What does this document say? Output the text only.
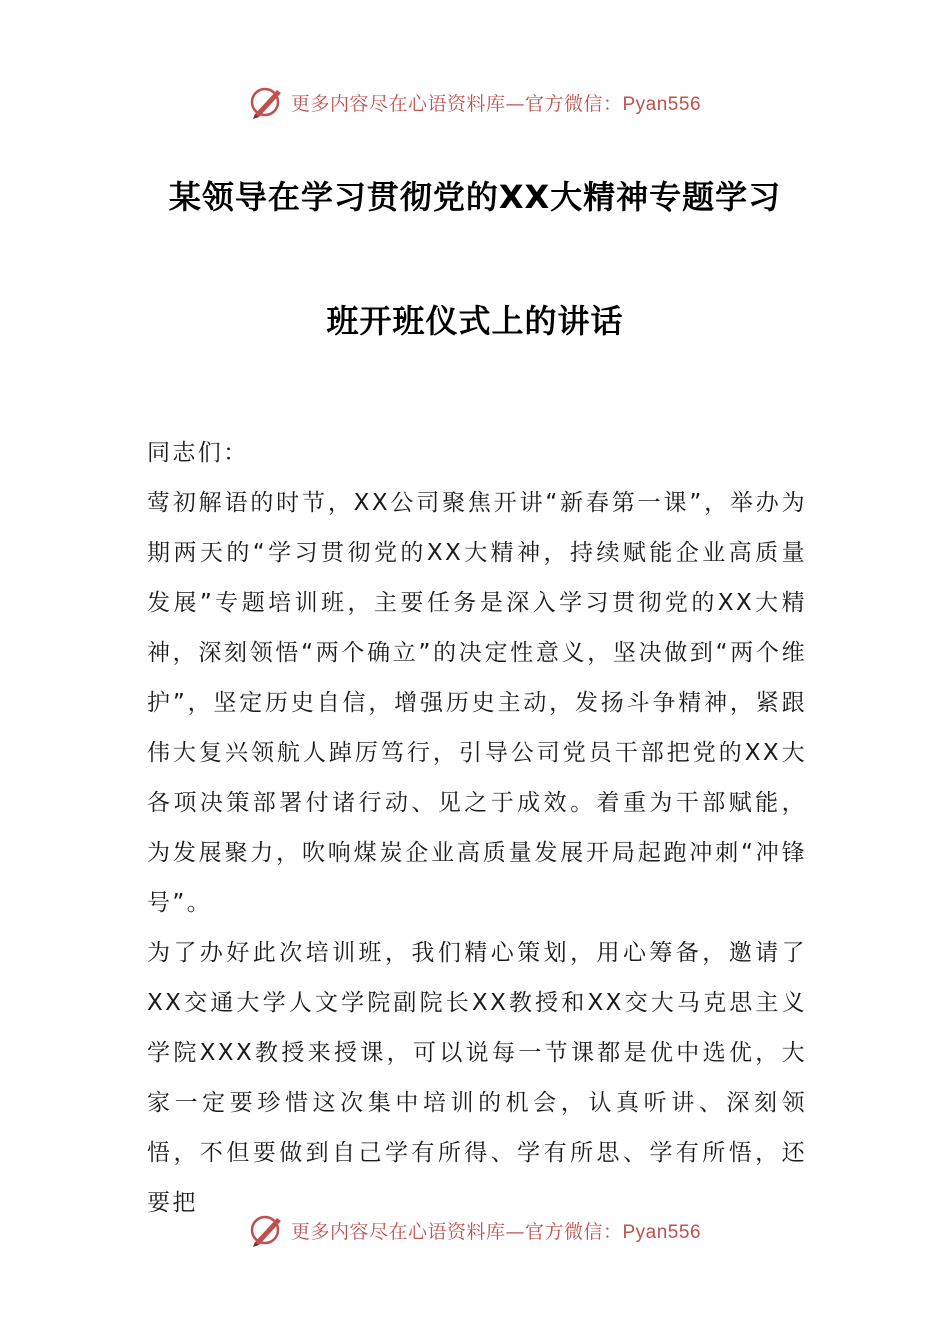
更多内容尽在心语资料库—官方微信：Pyan556
某领导在学习贯彻党的XX大精神专题学习
班开班仪式上的讲话

同志们：

莺初解语的时节，XX公司聚焦开讲“新春第一课”，举办为期两天的“学习贯彻党的XX大精神，持续赋能企业高质量发展”专题培训班，主要任务是深入学习贯彻党的XX大精神，深刻领悟“两个确立”的决定性意义，坚决做到“两个维护”，坚定历史自信，增强历史主动，发扬斗争精神，紧跟伟大复兴领航人踔厉笃行，引导公司党员干部把党的XX大各项决策部署付诸行动、见之于成效。着重为干部赋能，为发展聚力，吹响煤炭企业高质量发展开局起跑冲刺“冲锋号”。

为了办好此次培训班，我们精心策划，用心筹备，邀请了XX交通大学人文学院副院长XX教授和XX交大马克思主义学院XXX教授来授课，可以说每一节课都是优中选优，大家一定要珍惜这次集中培训的机会，认真听讲、深刻领悟，不但要做到自己学有所得、学有所思、学有所悟，还要把

更多内容尽在心语资料库—官方微信：Pyan556
